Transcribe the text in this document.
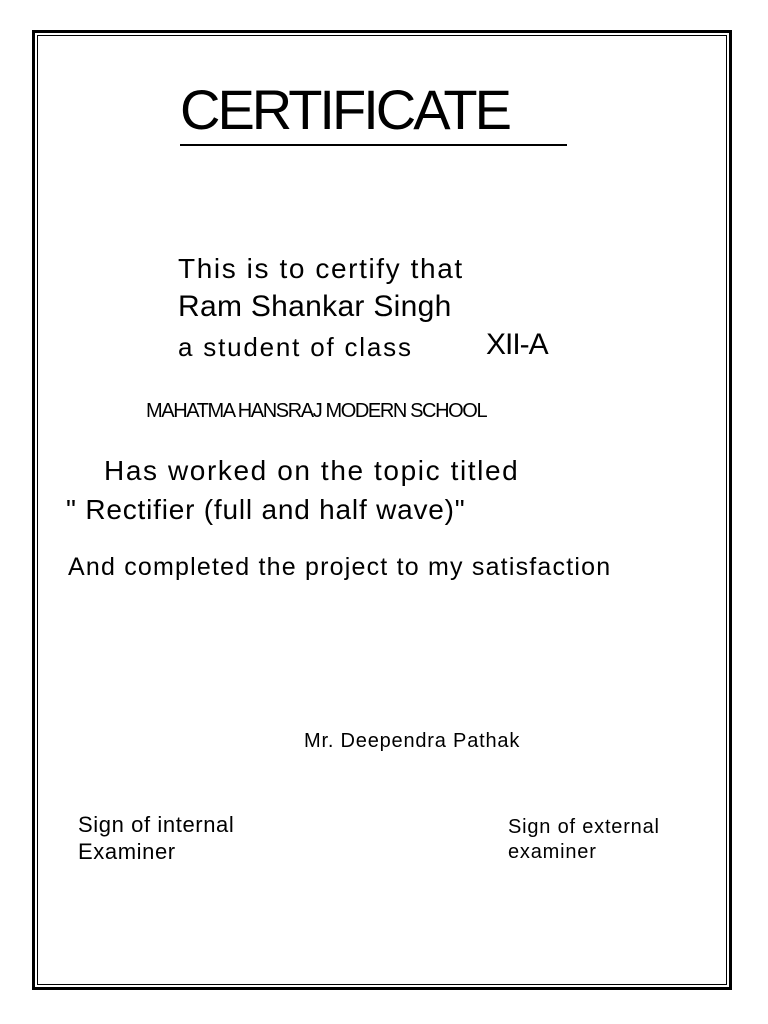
CERTIFICATE
This is to certify that
Ram Shankar Singh
a student of class XII-A
MAHATMA HANSRAJ MODERN SCHOOL
Has worked on the topic titled
" Rectifier (full and half wave)"
And completed the project to my satisfaction
Mr. Deependra Pathak
Sign of internal
Examiner
Sign of external
examiner
